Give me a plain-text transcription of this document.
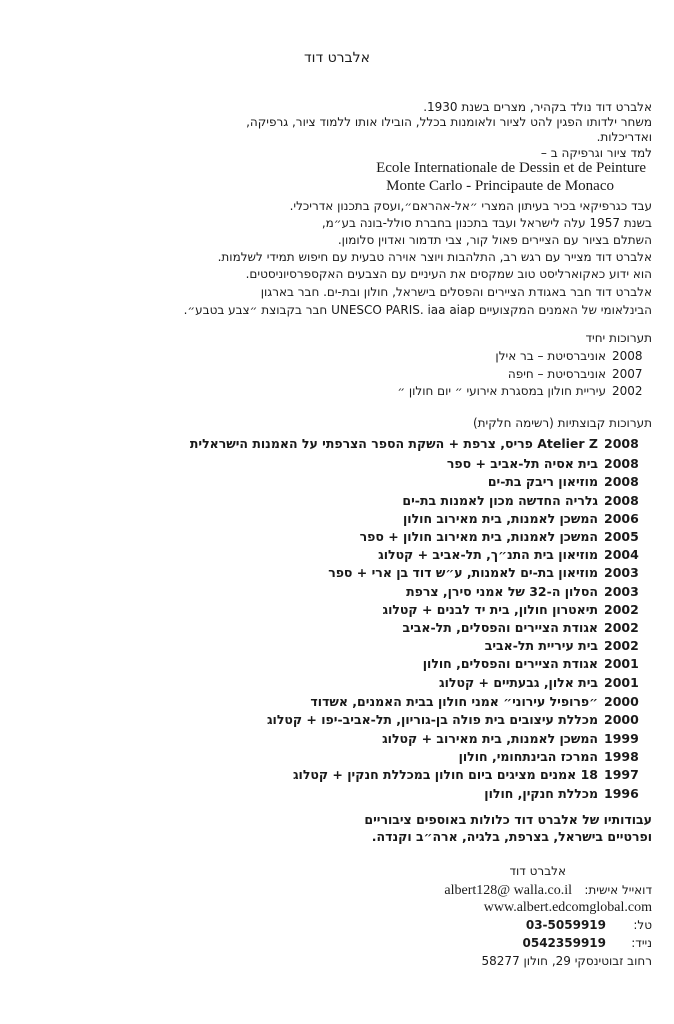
אלברט דוד
אלברט דוד נולד בקהיר, מצרים בשנת 1930.
משחר ילדותו הפגין להט לציור ולאומנות בכלל, הובילו אותו ללמוד ציור, גרפיקה,
ואדריכלות.
למד ציור וגרפיקה ב –
Ecole Internationale de Dessin et de Peinture
Monte Carlo - Principaute de Monaco
עבד כגרפיקאי בכיר בעיתון המצרי ״אל-אהראם״,ועסק בתכנון אדריכלי.
בשנת 1957 עלה לישראל ועבד בתכנון בחברת סולל-בונה בע״מ,
השתלם בציור עם הציירים פאול קור, צבי תדמור ואדוין סלומון.
אלברט דוד מצייר עם רגש רב, התלהבות ויוצר אוירה טבעית עם חיפוש תמידי לשלמות.
הוא ידוע כאקוארליסט טוב שמקסים את העיניים עם הצבעים האקספרסיוניסטים.
אלברט דוד חבר באגודת הציירים והפסלים בישראל, חולון ובת-ים. חבר בארגון
הבינלאומי של האמנים המקצועיים UNESCO PARIS. iaa aiap חבר בקבוצת ״צבע בטבע״.
תערוכות יחיד
2008
אוניברסיטת – בר אילן
2007
אוניברסיטת – חיפה
2002
עיריית חולון במסגרת אירועי ״ יום חולון ״
תערוכות קבוצתיות (רשימה חלקית)
2008
Atelier Z פריס, צרפת + השקת הספר הצרפתי על האמנות הישראלית
2008
בית אסיה תל-אביב + ספר
2008
מוזיאון ריבק בת-ים
2008
גלריה החדשה מכון לאמנות בת-ים
2006
המשכן לאמנות, בית מאירוב חולון
2005
המשכן לאמנות, בית מאירוב חולון + ספר
2004
מוזיאון בית התנ״ך, תל-אביב + קטלוג
2003
מוזיאון בת-ים לאמנות, ע״ש דוד בן ארי + ספר
2003
הסלון ה-32 של אמני סירן, צרפת
2002
תיאטרון חולון, בית יד לבנים + קטלוג
2002
אגודת הציירים והפסלים, תל-אביב
2002
בית עיריית תל-אביב
2001
אגודת הציירים והפסלים, חולון
2001
בית אלון, גבעתיים + קטלוג
2000
״פרופיל עירוני״ אמני חולון בבית האמנים, אשדוד
2000
מכללת עיצובים בית פולה בן-גוריון, תל-אביב-יפו + קטלוג
1999
המשכן לאמנות, בית מאירוב + קטלוג
1998
המרכז הבינתחומי, חולון
1997
18 אמנים מציגים ביום חולון במכללת חנקין + קטלוג
1996
מכללת חנקין, חולון
עבודותיו של אלברט דוד כלולות באוספים ציבוריים
ופרטיים בישראל, בצרפת, בלגיה, ארה״ב וקנדה.
אלברט דוד
דואייל אישית:
albert128@ walla.co.il
www.albert.edcomglobal.com
טל:
03-5059919
נייד:
0542359919
רחוב זבוטינסקי 29, חולון 58277
